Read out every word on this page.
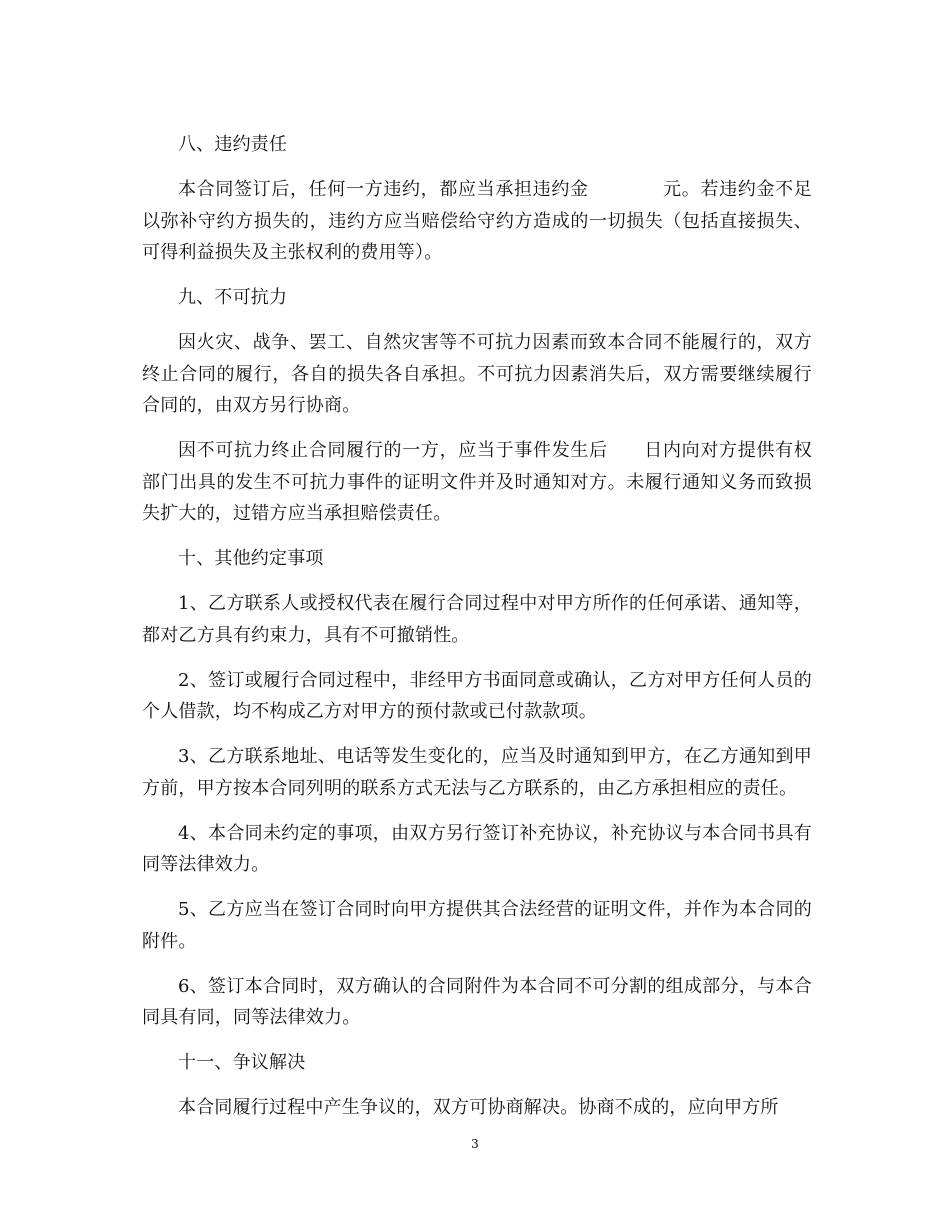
八、违约责任

本合同签订后，任何一方违约，都应当承担违约金	元。若违约金不足以弥补守约方损失的，违约方应当赔偿给守约方造成的一切损失（包括直接损失、可得利益损失及主张权利的费用等）。

九、不可抗力

因火灾、战争、罢工、自然灾害等不可抗力因素而致本合同不能履行的，双方终止合同的履行，各自的损失各自承担。不可抗力因素消失后，双方需要继续履行合同的，由双方另行协商。

因不可抗力终止合同履行的一方，应当于事件发生后 日内向对方提供有权部门出具的发生不可抗力事件的证明文件并及时通知对方。未履行通知义务而致损失扩大的，过错方应当承担赔偿责任。

十、其他约定事项

1、乙方联系人或授权代表在履行合同过程中对甲方所作的任何承诺、通知等，都对乙方具有约束力，具有不可撤销性。

2、签订或履行合同过程中，非经甲方书面同意或确认，乙方对甲方任何人员的个人借款，均不构成乙方对甲方的预付款或已付款款项。

3、乙方联系地址、电话等发生变化的，应当及时通知到甲方，在乙方通知到甲方前，甲方按本合同列明的联系方式无法与乙方联系的，由乙方承担相应的责任。

4、本合同未约定的事项，由双方另行签订补充协议，补充协议与本合同书具有同等法律效力。

5、乙方应当在签订合同时向甲方提供其合法经营的证明文件，并作为本合同的附件。

6、签订本合同时，双方确认的合同附件为本合同不可分割的组成部分，与本合同具有同，同等法律效力。

十一、争议解决

本合同履行过程中产生争议的，双方可协商解决。协商不成的，应向甲方所

3
